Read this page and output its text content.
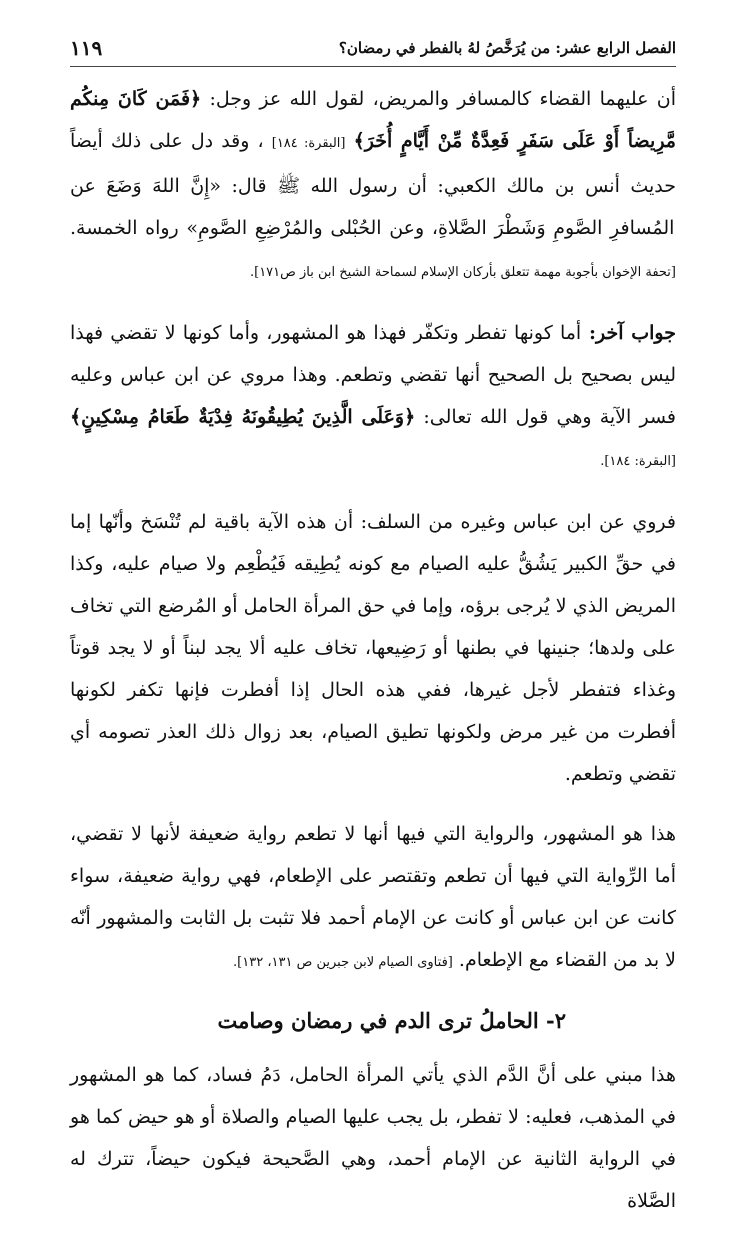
الفصل الرابع عشر: من يُرَخَّصُ لهُ بالفطر في رمضان؟
١١٩

أن عليهما القضاء كالمسافر والمريض، لقول الله عز وجل: ﴿فَمَن كَانَ مِنكُم مَّرِيضاً أَوْ عَلَى سَفَرٍ فَعِدَّةٌ مِّنْ أَيَّامٍ أُخَرَ﴾ [البقرة: ١٨٤] ، وقد دل على ذلك أيضاً حديث أنس بن مالك الكعبي: أن رسول الله ﷺ قال: «إِنَّ اللهَ وَضَعَ عن المُسافرِ الصَّومِ وَشَطْرَ الصَّلاةِ، وعن الحُبْلى والمُرْضِعِ الصَّومِ» رواه الخمسة. [تحفة الإخوان بأجوبة مهمة تتعلق بأركان الإسلام لسماحة الشيخ ابن باز ص١٧١].

جواب آخر: أما كونها تفطر وتكفّر فهذا هو المشهور، وأما كونها لا تقضي فهذا ليس بصحيح بل الصحيح أنها تقضي وتطعم. وهذا مروي عن ابن عباس وعليه فسر الآية وهي قول الله تعالى: ﴿وَعَلَى الَّذِينَ يُطِيقُونَهُ فِدْيَةٌ طَعَامُ مِسْكِينٍ﴾ [البقرة: ١٨٤].

فروي عن ابن عباس وغيره من السلف: أن هذه الآية باقية لم تُنْسَخ وأنّها إما في حقِّ الكبير يَشُقُّ عليه الصيام مع كونه يُطِيقه فَيُطْعِم ولا صيام عليه، وكذا المريض الذي لا يُرجى برؤه، وإما في حق المرأة الحامل أو المُرضع التي تخاف على ولدها؛ جنينها في بطنها أو رَضِيعها، تخاف عليه ألا يجد لبناً أو لا يجد قوتاً وغذاء فتفطر لأجل غيرها، ففي هذه الحال إذا أفطرت فإنها تكفر لكونها أفطرت من غير مرض ولكونها تطيق الصيام، بعد زوال ذلك العذر تصومه أي تقضي وتطعم.

هذا هو المشهور، والرواية التي فيها أنها لا تطعم رواية ضعيفة لأنها لا تقضي، أما الرِّواية التي فيها أن تطعم وتقتصر على الإطعام، فهي رواية ضعيفة، سواء كانت عن ابن عباس أو كانت عن الإمام أحمد فلا تثبت بل الثابت والمشهور أنّه لا بد من القضاء مع الإطعام. [فتاوى الصيام لابن جبرين ص ١٣١، ١٣٢].

٢- الحاملُ ترى الدم في رمضان وصامت

هذا مبني على أنَّ الدَّم الذي يأتي المرأة الحامل، دَمُ فساد، كما هو المشهور في المذهب، فعليه: لا تفطر، بل يجب عليها الصيام والصلاة أو هو حيض كما هو في الرواية الثانية عن الإمام أحمد، وهي الصَّحيحة فيكون حيضاً، تترك له الصَّلاة
